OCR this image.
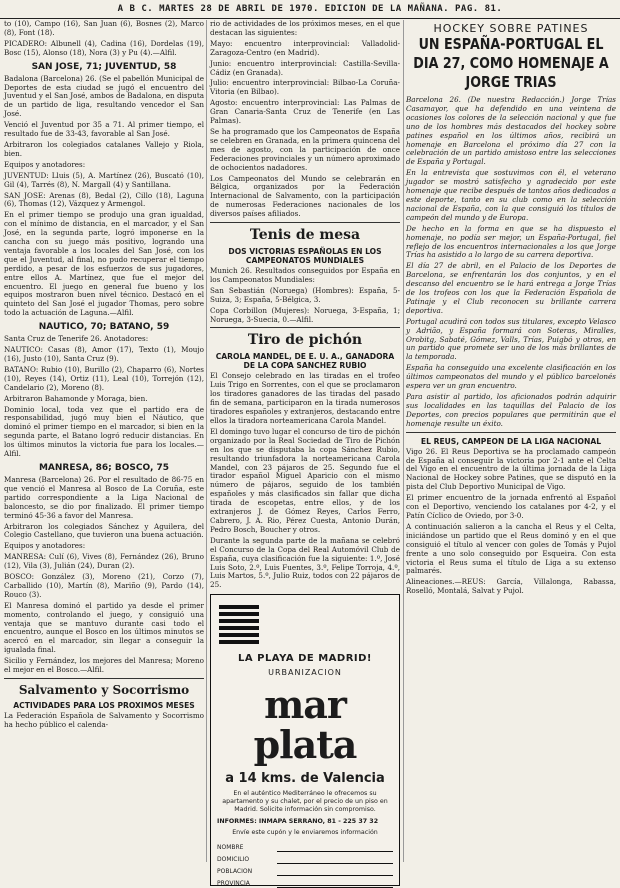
A B C. MARTES 28 DE ABRIL DE 1970. EDICION DE LA MAÑANA. PAG. 81.

to (10), Campo (16), San Juan (6), Bosnes (2), Marco (8), Font (18).

PICADERO: Albunell (4), Cadina (16), Dordelas (19), Bosc (15), Alonso (18), Nora (3) y Pu (4).—Alfil.

SAN JOSE, 71; JUVENTUD, 58

Badalona (Barcelona) 26. (Se el pabellón Municipal de Deportes de esta ciudad se jugó el encuentro del Juventud y el San José, ambos de Badalona, en disputa de un partido de liga, resultando vencedor el San José.

Venció el Juventud por 35 a 71. Al primer tiempo, el resultado fue de 33-43, favorable al San José.

Arbitraron los colegiados catalanes Vallejo y Riola, bien.

Equipos y anotadores:

JUVENTUD: Lluis (5), A. Martínez (26), Buscató (10), Gil (4), Tarrés (8), N. Margall (4) y Santillana.

SAN JOSE: Arenas (8), Bedal (2), Cillo (18), Laguna (6), Thomas (12), Vázquez y Armengol.

En el primer tiempo se produjo una gran igualdad, con el mínimo de distancia, en el marcador, y el San José, en la segunda parte, logró imponerse en la cancha con su juego más positivo, logrando una ventaja favorable a los locales del San José, con los que el Juventud, al final, no pudo recuperar el tiempo perdido, a pesar de los esfuerzos de sus jugadores, entre ellos A. Martínez, que fue el mejor del encuentro. El juego en general fue bueno y los equipos mostraron buen nivel técnico. Destacó en el quinteto del San José el jugador Thomas, pero sobre todo la actuación de Laguna.—Alfil.

NAUTICO, 70; BATANO, 59

Santa Cruz de Tenerife 26. Anotadores:

NAUTICO: Casas (8), Amor (17), Texto (1), Moujo (16), Justo (10), Santa Cruz (9).

BATANO: Rubio (10), Burillo (2), Chaparro (6), Nortes (10), Reyes (14), Ortiz (11), Leal (10), Torrejón (12), Candelario (2), Moreno (8).

Arbitraron Bahamonde y Moraga, bien.

Dominio local, toda vez que el partido era de responsabilidad, jugó muy bien el Náutico, que dominó el primer tiempo en el marcador, si bien en la segunda parte, el Batano logró reducir distancias. En los últimos minutos la victoria fue para los locales.—Alfil.

MANRESA, 86; BOSCO, 75

Manresa (Barcelona) 26. Por el resultado de 86-75 en que venció el Manresa al Bosco de La Coruña, este partido correspondiente a la Liga Nacional de baloncesto, se dio por finalizado. El primer tiempo terminó 45-36 a favor del Manresa.

Arbitraron los colegiados Sánchez y Aguilera, del Colegio Castellano, que tuvieron una buena actuación.

Equipos y anotadores:

MANRESA: Culí (6), Vives (8), Fernández (26), Bruno (12), Vila (3), Julián (24), Duran (2).

BOSCO: González (3), Moreno (21), Corzo (7), Carballido (10), Martín (8), Mariño (9), Pardo (14), Rouco (3).

El Manresa dominó el partido ya desde el primer momento, controlando el juego, y consiguió una ventaja que se mantuvo durante casi todo el encuentro, aunque el Bosco en los últimos minutos se acercó en el marcador, sin llegar a conseguir la igualada final.

Sicilio y Fernández, los mejores del Manresa; Moreno el mejor en el Bosco.—Alfil.

Salvamento y Socorrismo
ACTIVIDADES PARA LOS PROXIMOS MESES

La Federación Española de Salvamento y Socorrismo ha hecho público el calenda-

rio de actividades de los próximos meses, en el que destacan las siguientes:

Mayo: encuentro interprovincial: Valladolid-Zaragoza-Centro (en Madrid).

Junio: encuentro interprovincial: Castilla-Sevilla-Cádiz (en Granada).

Julio: encuentro interprovincial: Bilbao-La Coruña-Vitoria (en Bilbao).

Agosto: encuentro interprovincial: Las Palmas de Gran Canaria-Santa Cruz de Tenerife (en Las Palmas).

Se ha programado que los Campeonatos de España se celebren en Granada, en la primera quincena del mes de agosto, con la participación de once Federaciones provinciales y un número aproximado de ochocientos nadadores.

Los Campeonatos del Mundo se celebrarán en Bélgica, organizados por la Federación Internacional de Salvamento, con la participación de numerosas Federaciones nacionales de los diversos países afiliados.

Tenis de mesa
DOS VICTORIAS ESPAÑOLAS EN LOS CAMPEONATOS MUNDIALES

Munich 26. Resultados conseguidos por España en los Campeonatos Mundiales:

San Sebastián (Noruega) (Hombres): España, 5-Suiza, 3; España, 5-Bélgica, 3.

Copa Corbillon (Mujeres): Noruega, 3-España, 1; Noruega, 3-Suecia, 0.—Alfil.

Tiro de pichón
CAROLA MANDEL, DE E. U. A., GANADORA DE LA COPA SANCHEZ RUBIO

El Consejo celebrado en las tiradas en el trofeo Luis Trigo en Sorrentes, con el que se proclamaron los tiradores ganadores de las tiradas del pasado fin de semana, participaron en la tirada numerosos tiradores españoles y extranjeros, destacando entre ellos la tiradora norteamericana Carola Mandel.

El domingo tuvo lugar el concurso de tiro de pichón organizado por la Real Sociedad de Tiro de Pichón en los que se disputaba la copa Sánchez Rubio, resultando triunfadora la norteamericana Carola Mandel, con 23 pájaros de 25. Segundo fue el tirador español Miguel Aparicio con el mismo número de pájaros, seguido de los también españoles y más clasificados sin fallar que dicha tirada de escopetas, entre ellos, y de los extranjeros J. de Gómez Reyes, Carlos Ferro, Cabrero, J. A. Rio, Pérez Cuesta, Antonio Durán, Pedro Bosch, Boucher y otros.

Durante la segunda parte de la mañana se celebró el Concurso de la Copa del Real Automóvil Club de España, cuya clasificación fue la siguiente: 1.º, José Luis Soto, 2.º, Luis Fuentes, 3.º, Felipe Torroja, 4.º, Luis Martos, 5.º, Julio Ruiz, todos con 22 pájaros de 25.

LA PLAYA DE MADRID!
URBANIZACION
mar plata
a 14 kms. de Valencia
En el auténtico Mediterráneo le ofrecemos su apartamento y su chalet, por el precio de un piso en Madrid. Solicite información sin compromiso.
INFORMES: INMAPA SERRANO, 81 - 225 37 32
Envíe este cupón y le enviaremos información
NOMBRE
DOMICILIO
POBLACION
PROVINCIA
HOCKEY SOBRE PATINES
UN ESPAÑA-PORTUGAL EL DIA 27, COMO HOMENAJE A JORGE TRIAS

Barcelona 26. (De nuestra Redacción.) Jorge Trías Casamayor, que ha defendido en una veintena de ocasiones los colores de la selección nacional y que fue uno de los hombres más destacados del hockey sobre patines español en los últimos años, recibirá un homenaje en Barcelona el próximo día 27 con la celebración de un partido amistoso entre las selecciones de España y Portugal.

En la entrevista que sostuvimos con él, el veterano jugador se mostró satisfecho y agradecido por este homenaje que recibe después de tantos años dedicados a este deporte, tanto en su club como en la selección nacional de España, con la que consiguió los títulos de campeón del mundo y de Europa.

De hecho en la forma en que se ha dispuesto el homenaje, no podía ser mejor, un España-Portugal, fiel reflejo de los encuentros internacionales a los que Jorge Trías ha asistido a lo largo de su carrera deportiva.

El día 27 de abril, en el Palacio de los Deportes de Barcelona, se enfrentarán los dos conjuntos, y en el descanso del encuentro se le hará entrega a Jorge Trías de los trofeos con los que la Federación Española de Patinaje y el Club reconocen su brillante carrera deportiva.

Portugal acudirá con todos sus titulares, excepto Velasco y Adrião, y España formará con Soteras, Miralles, Orobitg, Sabaté, Gómez, Valls, Trías, Puigbó y otros, en un partido que promete ser uno de los más brillantes de la temporada.

España ha conseguido una excelente clasificación en los últimos campeonatos del mundo y el público barcelonés espera ver un gran encuentro.

Para asistir al partido, los aficionados podrán adquirir sus localidades en las taquillas del Palacio de los Deportes, con precios populares que permitirán que el homenaje resulte un éxito.

EL REUS, CAMPEON DE LA LIGA NACIONAL

Vigo 26. El Reus Deportiva se ha proclamado campeón de España al conseguir la victoria por 2-1 ante el Celta del Vigo en el encuentro de la última jornada de la Liga Nacional de Hockey sobre Patines, que se disputó en la pista del Club Deportivo Municipal de Vigo.

El primer encuentro de la jornada enfrentó al Español con el Deportivo, venciendo los catalanes por 4-2, y el Patín Cíclico de Oviedo, por 3-0.

A continuación salieron a la cancha el Reus y el Celta, iniciándose un partido que el Reus dominó y en el que consiguió el título al vencer con goles de Tomás y Pujol frente a uno solo conseguido por Esqueira. Con esta victoria el Reus suma el título de Liga a su extenso palmarés.

Alineaciones.—REUS: García, Villalonga, Rabassa, Roselló, Montalá, Salvat y Pujol.
